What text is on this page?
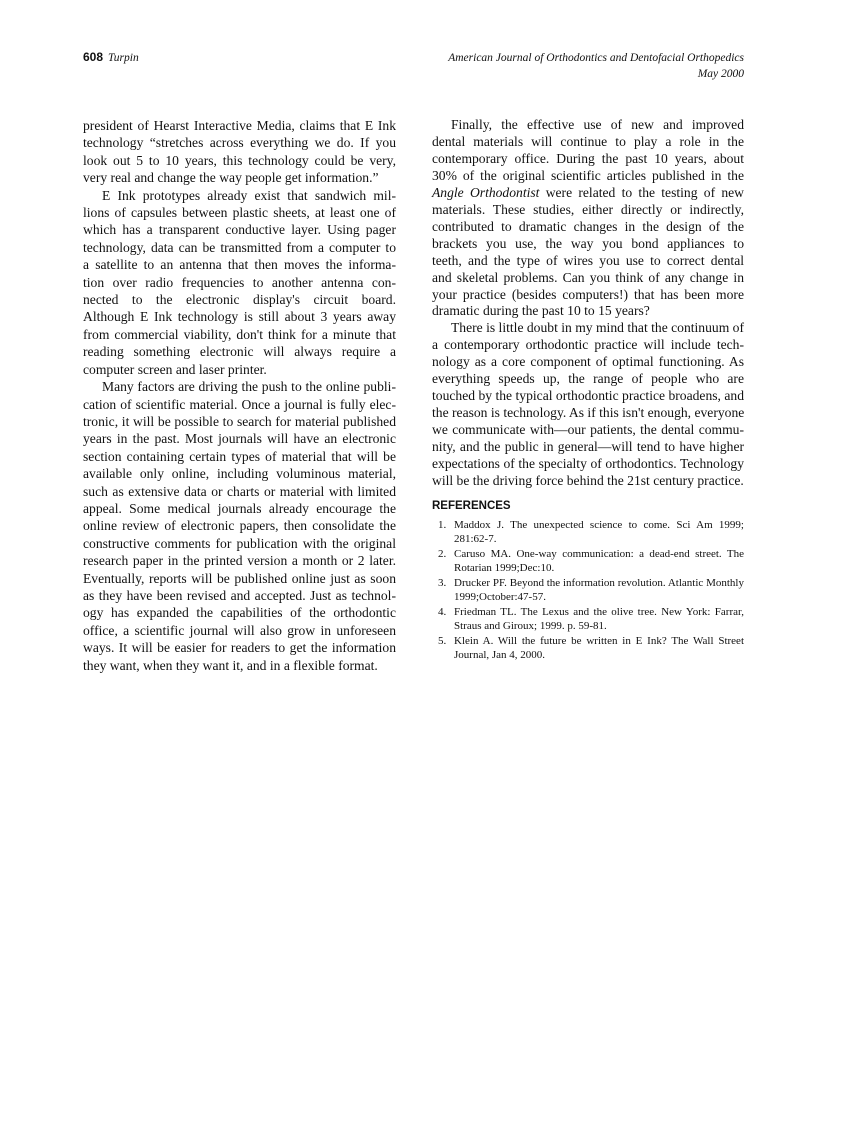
608 Turpin	American Journal of Orthodontics and Dentofacial Orthopedics
May 2000
president of Hearst Interactive Media, claims that E Ink
technology “stretches across everything we do. If you
look out 5 to 10 years, this technology could be very,
very real and change the way people get information.”
E Ink prototypes already exist that sandwich mil-
lions of capsules between plastic sheets, at least one of
which has a transparent conductive layer. Using pager
technology, data can be transmitted from a computer to
a satellite to an antenna that then moves the informa-
tion over radio frequencies to another antenna con-
nected to the electronic display's circuit board.
Although E Ink technology is still about 3 years away
from commercial viability, don't think for a minute that
reading something electronic will always require a
computer screen and laser printer.
Many factors are driving the push to the online publi-
cation of scientific material. Once a journal is fully elec-
tronic, it will be possible to search for material published
years in the past. Most journals will have an electronic
section containing certain types of material that will be
available only online, including voluminous material,
such as extensive data or charts or material with limited
appeal. Some medical journals already encourage the
online review of electronic papers, then consolidate the
constructive comments for publication with the original
research paper in the printed version a month or 2 later.
Eventually, reports will be published online just as soon
as they have been revised and accepted. Just as technol-
ogy has expanded the capabilities of the orthodontic
office, a scientific journal will also grow in unforeseen
ways. It will be easier for readers to get the information
they want, when they want it, and in a flexible format.
Finally, the effective use of new and improved
dental materials will continue to play a role in the
contemporary office. During the past 10 years, about
30% of the original scientific articles published in the
Angle Orthodontist were related to the testing of new
materials. These studies, either directly or indirectly,
contributed to dramatic changes in the design of the
brackets you use, the way you bond appliances to
teeth, and the type of wires you use to correct dental
and skeletal problems. Can you think of any change in
your practice (besides computers!) that has been more
dramatic during the past 10 to 15 years?
There is little doubt in my mind that the continuum of
a contemporary orthodontic practice will include tech-
nology as a core component of optimal functioning. As
everything speeds up, the range of people who are
touched by the typical orthodontic practice broadens, and
the reason is technology. As if this isn't enough, everyone
we communicate with—our patients, the dental commu-
nity, and the public in general—will tend to have higher
expectations of the specialty of orthodontics. Technology
will be the driving force behind the 21st century practice.
REFERENCES
1. Maddox J. The unexpected science to come. Sci Am 1999; 281:62-7.
2. Caruso MA. One-way communication: a dead-end street. The Rotarian 1999;Dec:10.
3. Drucker PF. Beyond the information revolution. Atlantic Monthly 1999;October:47-57.
4. Friedman TL. The Lexus and the olive tree. New York: Farrar, Straus and Giroux; 1999. p. 59-81.
5. Klein A. Will the future be written in E Ink? The Wall Street Journal, Jan 4, 2000.
